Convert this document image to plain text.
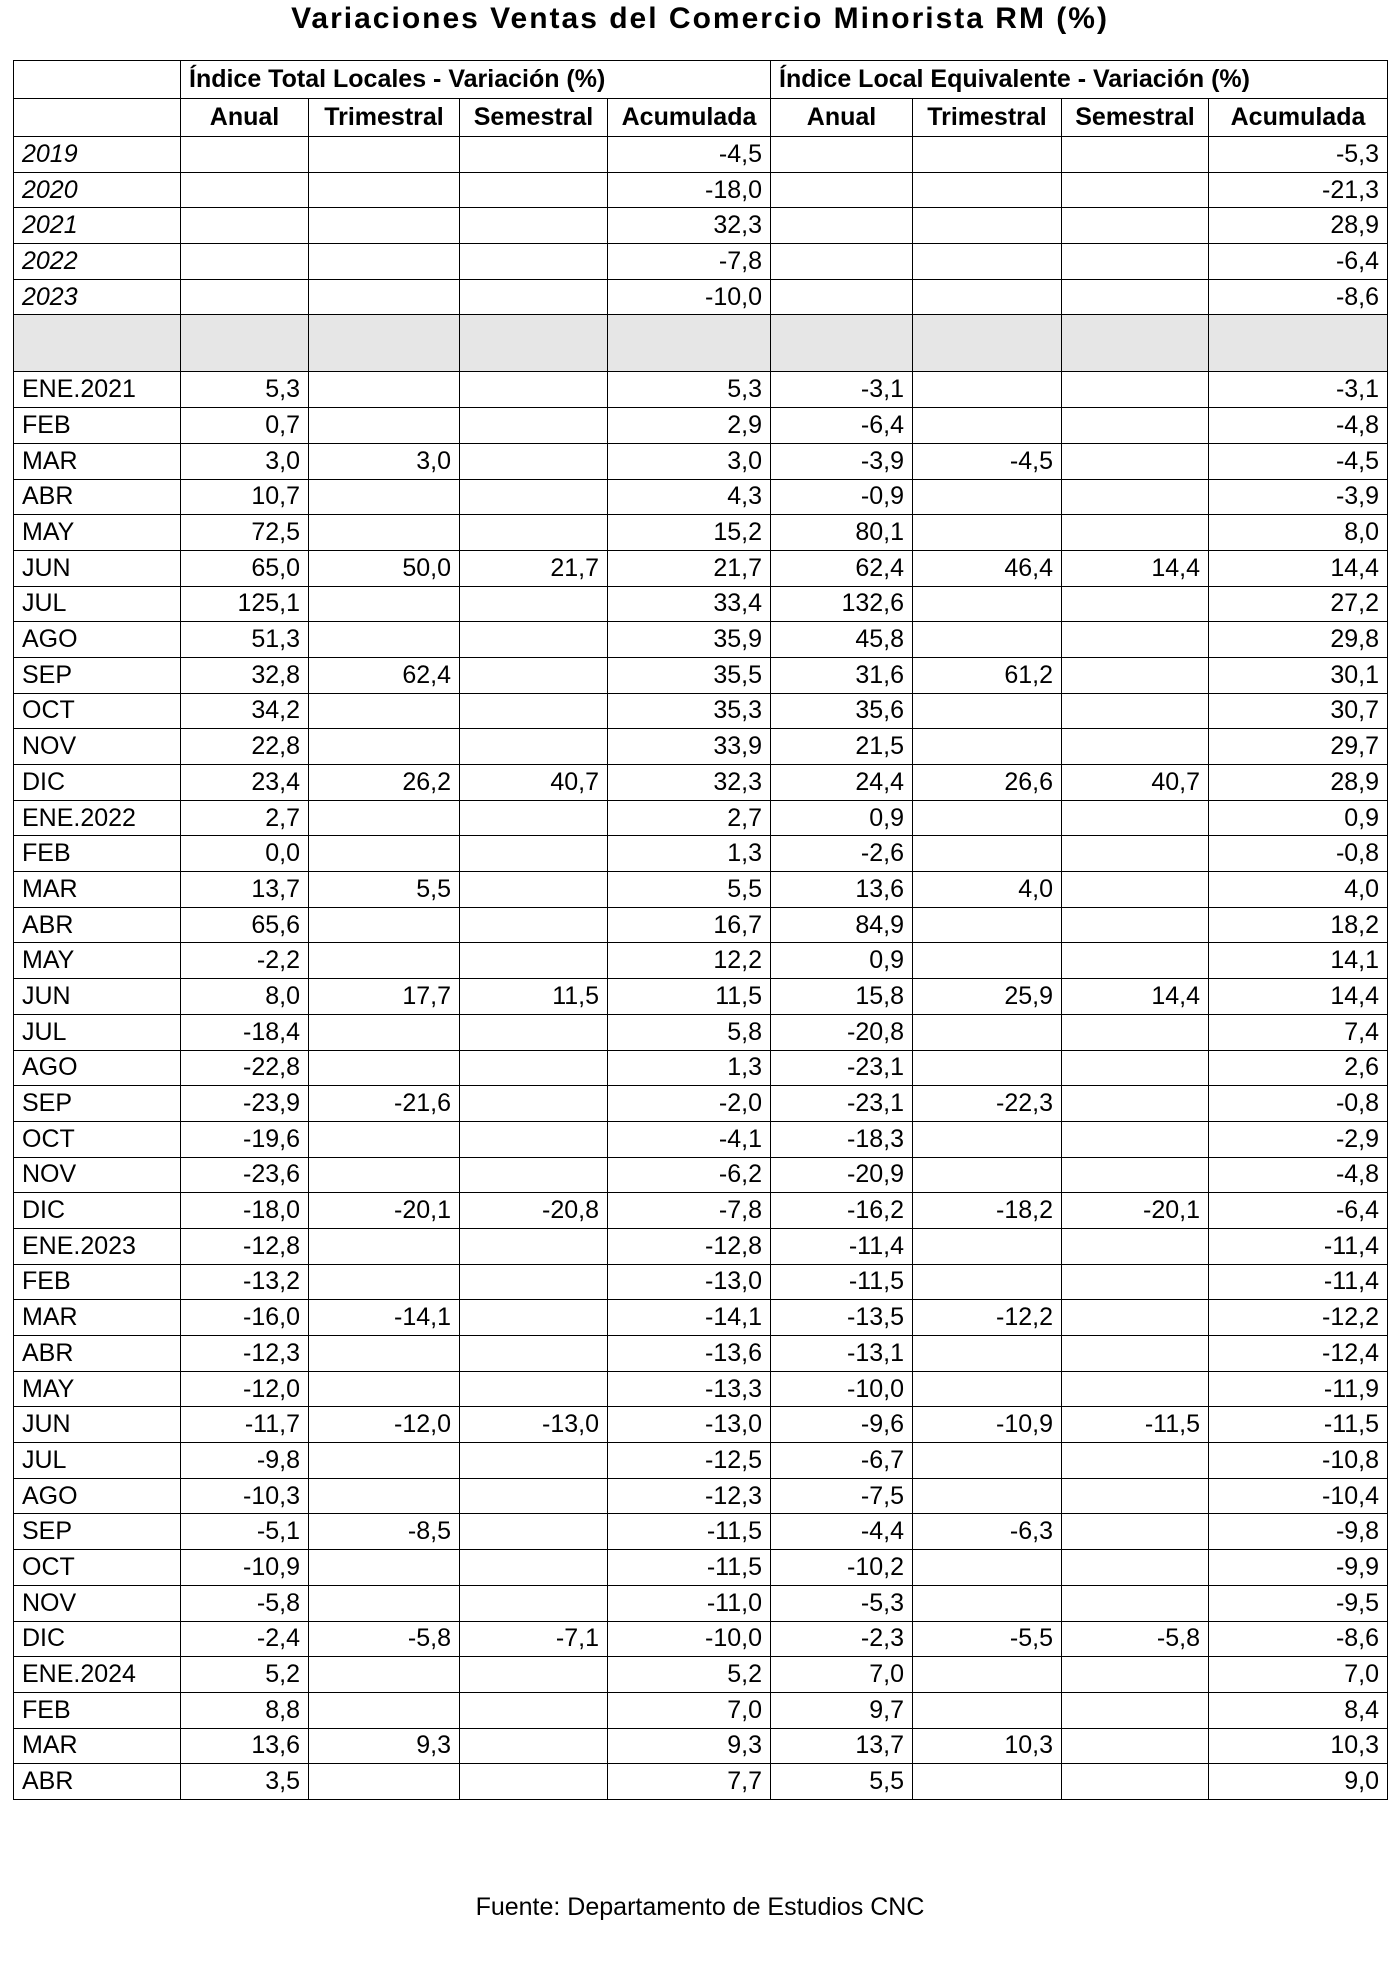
Variaciones Ventas del Comercio Minorista RM (%)
	Índice Total Locales - Variación (%)				Índice Local Equivalente - Variación (%)			
	Anual	Trimestral	Semestral	Acumulada	Anual	Trimestral	Semestral	Acumulada
2019				-4,5				-5,3
2020				-18,0				-21,3
2021				32,3				28,9
2022				-7,8				-6,4
2023				-10,0				-8,6

ENE.2021	5,3			5,3	-3,1			-3,1
FEB	0,7			2,9	-6,4			-4,8
MAR	3,0	3,0		3,0	-3,9	-4,5		-4,5
ABR	10,7			4,3	-0,9			-3,9
MAY	72,5			15,2	80,1			8,0
JUN	65,0	50,0	21,7	21,7	62,4	46,4	14,4	14,4
JUL	125,1			33,4	132,6			27,2
AGO	51,3			35,9	45,8			29,8
SEP	32,8	62,4		35,5	31,6	61,2		30,1
OCT	34,2			35,3	35,6			30,7
NOV	22,8			33,9	21,5			29,7
DIC	23,4	26,2	40,7	32,3	24,4	26,6	40,7	28,9
ENE.2022	2,7			2,7	0,9			0,9
FEB	0,0			1,3	-2,6			-0,8
MAR	13,7	5,5		5,5	13,6	4,0		4,0
ABR	65,6			16,7	84,9			18,2
MAY	-2,2			12,2	0,9			14,1
JUN	8,0	17,7	11,5	11,5	15,8	25,9	14,4	14,4
JUL	-18,4			5,8	-20,8			7,4
AGO	-22,8			1,3	-23,1			2,6
SEP	-23,9	-21,6		-2,0	-23,1	-22,3		-0,8
OCT	-19,6			-4,1	-18,3			-2,9
NOV	-23,6			-6,2	-20,9			-4,8
DIC	-18,0	-20,1	-20,8	-7,8	-16,2	-18,2	-20,1	-6,4
ENE.2023	-12,8			-12,8	-11,4			-11,4
FEB	-13,2			-13,0	-11,5			-11,4
MAR	-16,0	-14,1		-14,1	-13,5	-12,2		-12,2
ABR	-12,3			-13,6	-13,1			-12,4
MAY	-12,0			-13,3	-10,0			-11,9
JUN	-11,7	-12,0	-13,0	-13,0	-9,6	-10,9	-11,5	-11,5
JUL	-9,8			-12,5	-6,7			-10,8
AGO	-10,3			-12,3	-7,5			-10,4
SEP	-5,1	-8,5		-11,5	-4,4	-6,3		-9,8
OCT	-10,9			-11,5	-10,2			-9,9
NOV	-5,8			-11,0	-5,3			-9,5
DIC	-2,4	-5,8	-7,1	-10,0	-2,3	-5,5	-5,8	-8,6
ENE.2024	5,2			5,2	7,0			7,0
FEB	8,8			7,0	9,7			8,4
MAR	13,6	9,3		9,3	13,7	10,3		10,3
ABR	3,5			7,7	5,5			9,0
Fuente: Departamento de Estudios CNC
